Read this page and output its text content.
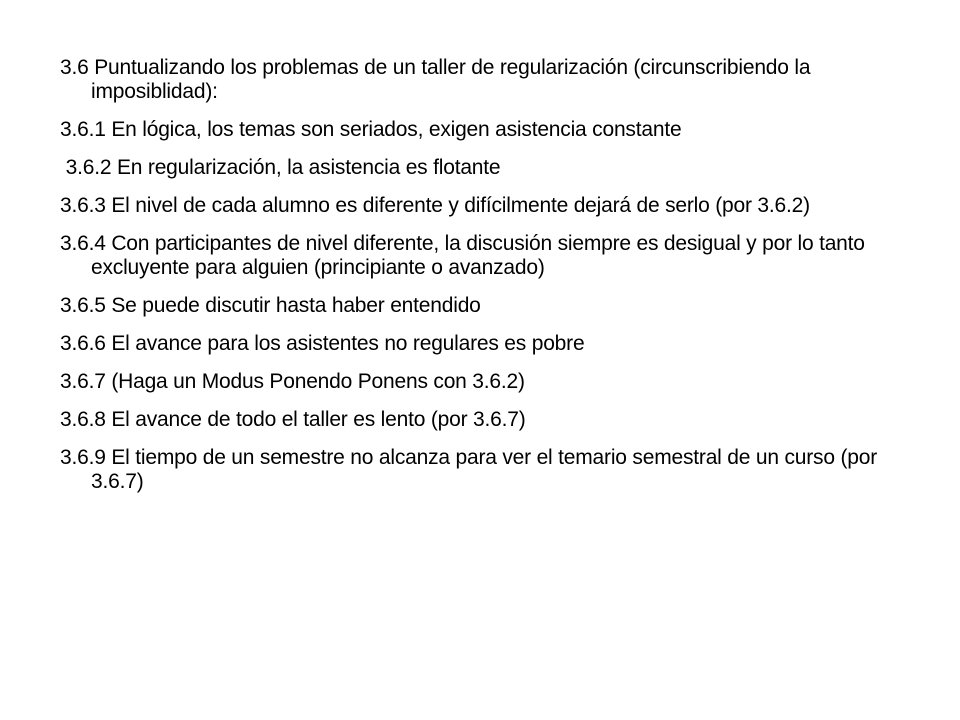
3.6 Puntualizando los problemas de un taller de regularización (circunscribiendo la imposiblidad):

3.6.1 En lógica, los temas son seriados, exigen asistencia constante

3.6.2 En regularización, la asistencia es flotante

3.6.3 El nivel de cada alumno es diferente y difícilmente dejará de serlo (por 3.6.2)

3.6.4 Con participantes de nivel diferente, la discusión siempre es desigual y por lo tanto excluyente para alguien (principiante o avanzado)

3.6.5 Se puede discutir hasta haber entendido

3.6.6 El avance para los asistentes no regulares es pobre

3.6.7 (Haga un Modus Ponendo Ponens con 3.6.2)

3.6.8 El avance de todo el taller es lento (por 3.6.7)

3.6.9 El tiempo de un semestre no alcanza para ver el temario semestral de un curso (por 3.6.7)
